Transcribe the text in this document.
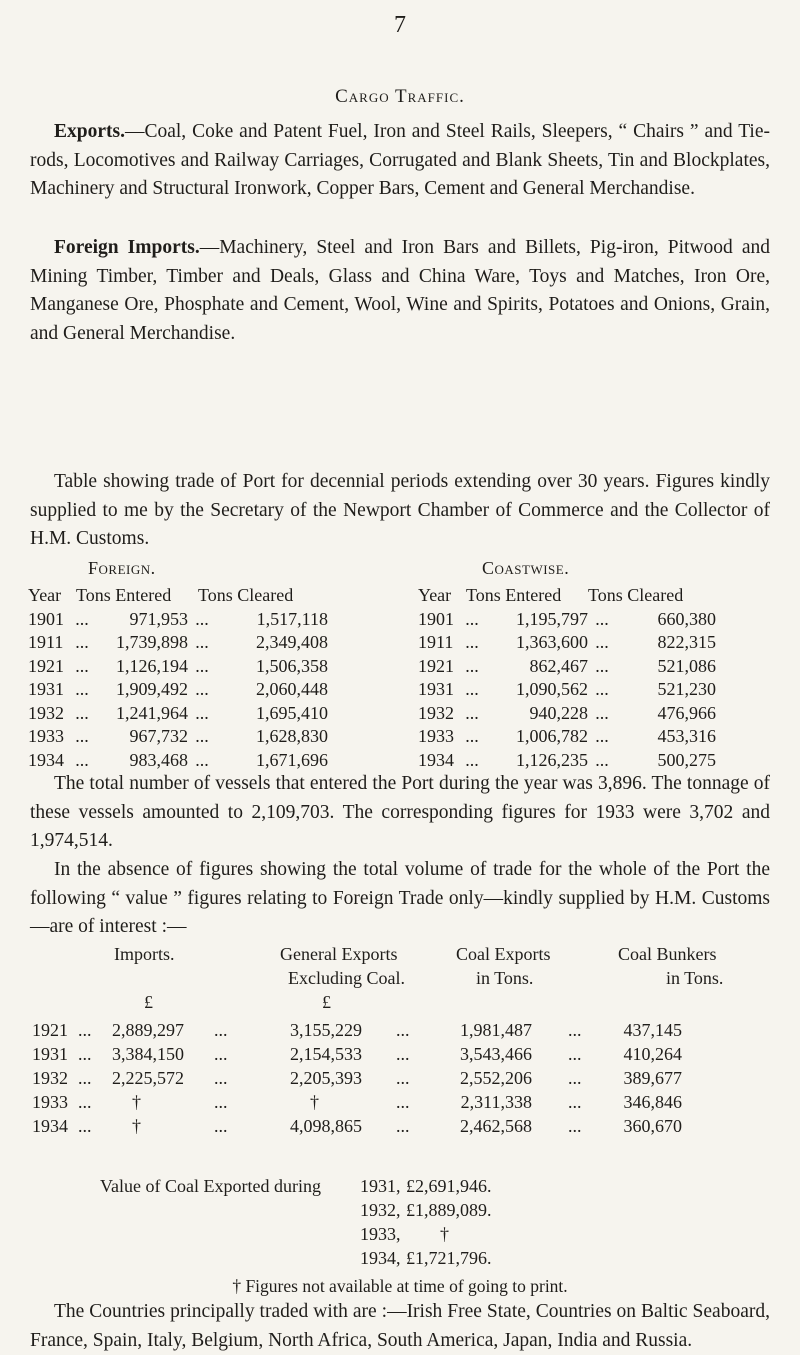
7
Cargo Traffic.
Exports.—Coal, Coke and Patent Fuel, Iron and Steel Rails, Sleepers, “ Chairs ” and Tie-rods, Locomotives and Railway Carriages, Corrugated and Blank Sheets, Tin and Blockplates, Machinery and Structural Ironwork, Copper Bars, Cement and General Merchandise.
Foreign Imports.—Machinery, Steel and Iron Bars and Billets, Pig-iron, Pitwood and Mining Timber, Timber and Deals, Glass and China Ware, Toys and Matches, Iron Ore, Manganese Ore, Phosphate and Cement, Wool, Wine and Spirits, Potatoes and Onions, Grain, and General Merchandise.
Table showing trade of Port for decennial periods extending over 30 years. Figures kindly supplied to me by the Secretary of the Newport Chamber of Commerce and the Collector of H.M. Customs.
Foreign.	Coastwise.
Year Tons Entered	Tons Cleared
1901 ...	971,953 ...	1,517,118
1911 ...	1,739,898 ...	2,349,408
1921 ...	1,126,194 ...	1,506,358
1931 ...	1,909,492 ...	2,060,448
1932 ...	1,241,964 ...	1,695,410
1933 ...	967,732 ...	1,628,830
1934 ...	983,468 ...	1,671,696
Year Tons Entered	Tons Cleared
1901 ...	1,195,797 ...	660,380
1911 ...	1,363,600 ...	822,315
1921 ...	862,467 ...	521,086
1931 ...	1,090,562 ...	521,230
1932 ...	940,228 ...	476,966
1933 ...	1,006,782 ...	453,316
1934 ...	1,126,235 ...	500,275
The total number of vessels that entered the Port during the year was 3,896. The tonnage of these vessels amounted to 2,109,703. The corresponding figures for 1933 were 3,702 and 1,974,514.
In the absence of figures showing the total volume of trade for the whole of the Port the following “ value ” figures relating to Foreign Trade only—kindly supplied by H.M. Customs—are of interest :—
Imports.	General Exports
Excluding Coal.
Coal Exports
in Tons.
Coal Bunkers
in Tons.
£	£
1921 ... 2,889,297 ...	3,155,229 ...	1,981,487 ... 437,145
1931 ... 3,384,150 ...	2,154,533 ...	3,543,466 ... 410,264
1932 ... 2,225,572 ...	2,205,393 ...	2,552,206 ... 389,677
1933 ... †	...	†	...	2,311,338 ... 346,846
1934 ... †	...	4,098,865 ...	2,462,568 ... 360,670
Value of Coal Exported during 1931, £2,691,946.
1932, £1,889,089.
1933, †
1934, £1,721,796.
† Figures not available at time of going to print.
The Countries principally traded with are :—Irish Free State, Countries on Baltic Seaboard, France, Spain, Italy, Belgium, North Africa, South America, Japan, India and Russia.
